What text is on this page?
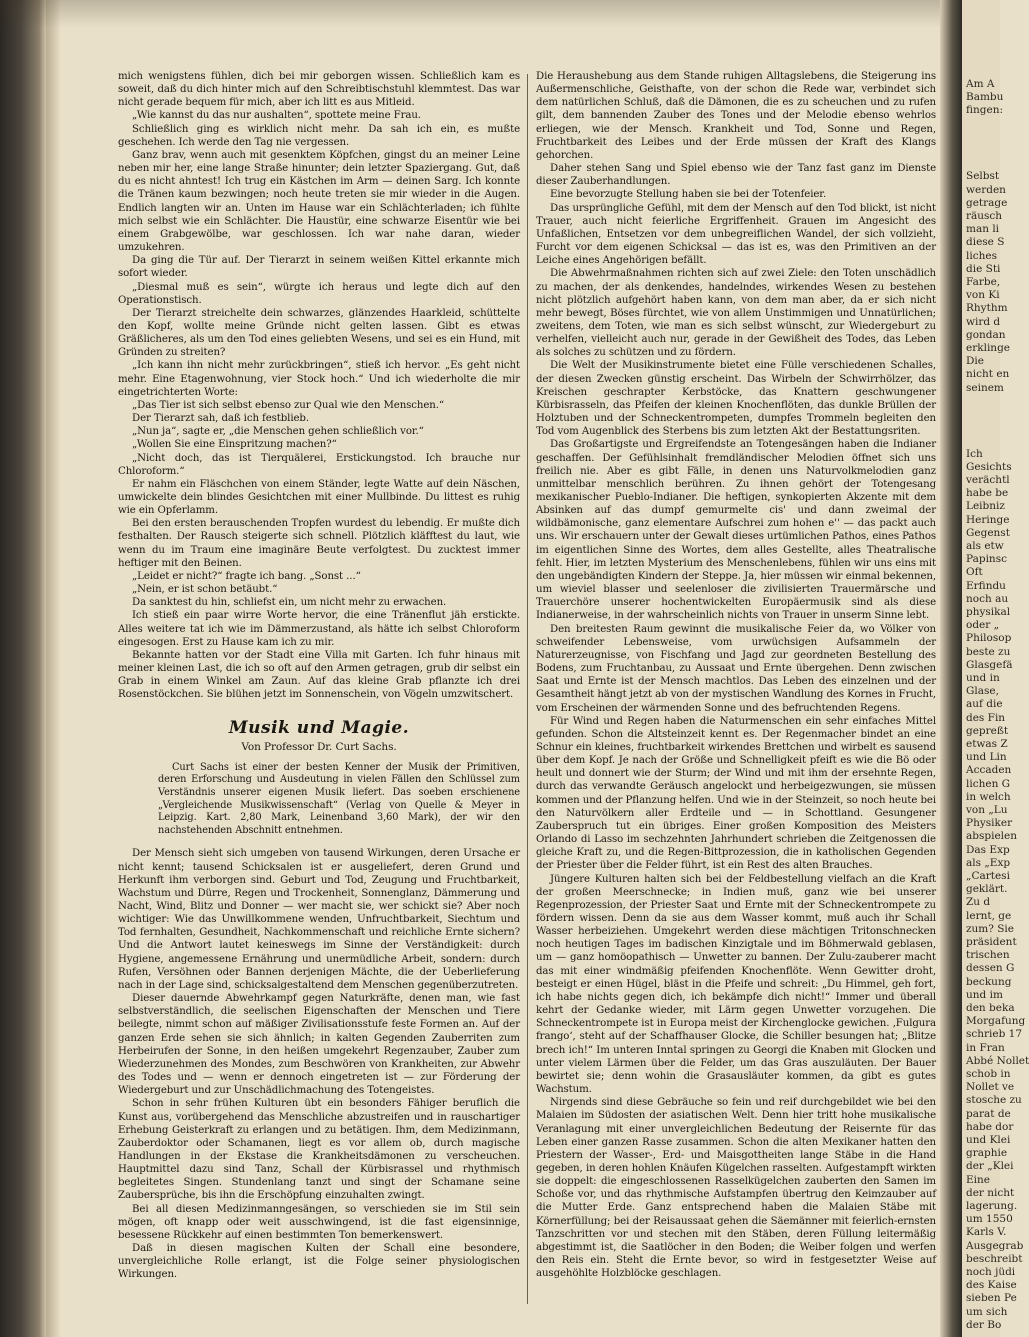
mich wenigstens fühlen, dich bei mir geborgen wissen. Schließlich kam es soweit, daß du dich hinter mich auf den Schreibtischstuhl klemmtest. Das war nicht gerade bequem für mich, aber ich litt es aus Mitleid.

„Wie kannst du das nur aushalten“, spottete meine Frau.

Schließlich ging es wirklich nicht mehr. Da sah ich ein, es mußte geschehen. Ich werde den Tag nie vergessen.

Ganz brav, wenn auch mit gesenktem Köpfchen, gingst du an meiner Leine neben mir her, eine lange Straße hinunter; dein letzter Spaziergang. Gut, daß du es nicht ahntest! Ich trug ein Kästchen im Arm — deinen Sarg. Ich konnte die Tränen kaum bezwingen; noch heute treten sie mir wieder in die Augen. Endlich langten wir an. Unten im Hause war ein Schlächterladen; ich fühlte mich selbst wie ein Schlächter. Die Haustür, eine schwarze Eisentür wie bei einem Grabgewölbe, war geschlossen. Ich war nahe daran, wieder umzukehren.

Da ging die Tür auf. Der Tierarzt in seinem weißen Kittel erkannte mich sofort wieder.

„Diesmal muß es sein“, würgte ich heraus und legte dich auf den Operationstisch.

Der Tierarzt streichelte dein schwarzes, glänzendes Haarkleid, schüttelte den Kopf, wollte meine Gründe nicht gelten lassen. Gibt es etwas Gräßlicheres, als um den Tod eines geliebten Wesens, und sei es ein Hund, mit Gründen zu streiten?

„Ich kann ihn nicht mehr zurückbringen“, stieß ich hervor. „Es geht nicht mehr. Eine Etagenwohnung, vier Stock hoch.“ Und ich wiederholte die mir eingetrichterten Worte:

„Das Tier ist sich selbst ebenso zur Qual wie den Menschen.“

Der Tierarzt sah, daß ich festblieb.

„Nun ja“, sagte er, „die Menschen gehen schließlich vor.“

„Wollen Sie eine Einspritzung machen?“

„Nicht doch, das ist Tierquälerei, Erstickungstod. Ich brauche nur Chloroform.“

Er nahm ein Fläschchen von einem Ständer, legte Watte auf dein Näschen, umwickelte dein blindes Gesichtchen mit einer Mullbinde. Du littest es ruhig wie ein Opferlamm.

Bei den ersten berauschenden Tropfen wurdest du lebendig. Er mußte dich festhalten. Der Rausch steigerte sich schnell. Plötzlich kläfftest du laut, wie wenn du im Traum eine imaginäre Beute verfolgtest. Du zucktest immer heftiger mit den Beinen.

„Leidet er nicht?“ fragte ich bang. „Sonst ...“

„Nein, er ist schon betäubt.“

Da sanktest du hin, schliefst ein, um nicht mehr zu erwachen.

Ich stieß ein paar wirre Worte hervor, die eine Tränenflut jäh erstickte. Alles weitere tat ich wie im Dämmerzustand, als hätte ich selbst Chloroform eingesogen. Erst zu Hause kam ich zu mir.

Bekannte hatten vor der Stadt eine Villa mit Garten. Ich fuhr hinaus mit meiner kleinen Last, die ich so oft auf den Armen getragen, grub dir selbst ein Grab in einem Winkel am Zaun. Auf das kleine Grab pflanzte ich drei Rosenstöckchen. Sie blühen jetzt im Sonnenschein, von Vögeln umzwitschert.

Musik und Magie.
Von Professor Dr. Curt Sachs.

Curt Sachs ist einer der besten Kenner der Musik der Primitiven, deren Erforschung und Ausdeutung in vielen Fällen den Schlüssel zum Verständnis unserer eigenen Musik liefert. Das soeben erschienene „Vergleichende Musikwissenschaft“ (Verlag von Quelle & Meyer in Leipzig. Kart. 2,80 Mark, Leinenband 3,60 Mark), der wir den nachstehenden Abschnitt entnehmen.

Der Mensch sieht sich umgeben von tausend Wirkungen, deren Ursache er nicht kennt; tausend Schicksalen ist er ausgeliefert, deren Grund und Herkunft ihm verborgen sind. Geburt und Tod, Zeugung und Fruchtbarkeit, Wachstum und Dürre, Regen und Trockenheit, Sonnenglanz, Dämmerung und Nacht, Wind, Blitz und Donner — wer macht sie, wer schickt sie? Aber noch wichtiger: Wie das Unwillkommene wenden, Unfruchtbarkeit, Siechtum und Tod fernhalten, Gesundheit, Nachkommenschaft und reichliche Ernte sichern? Und die Antwort lautet keineswegs im Sinne der Verständigkeit: durch Hygiene, angemessene Ernährung und unermüdliche Arbeit, sondern: durch Rufen, Versöhnen oder Bannen derjenigen Mächte, die der Ueberlieferung nach in der Lage sind, schicksalgestaltend dem Menschen gegenüberzutreten.

Dieser dauernde Abwehrkampf gegen Naturkräfte, denen man, wie fast selbstverständlich, die seelischen Eigenschaften der Menschen und Tiere beilegte, nimmt schon auf mäßiger Zivilisationsstufe feste Formen an. Auf der ganzen Erde sehen sie sich ähnlich; in kalten Gegenden Zauberriten zum Herbeirufen der Sonne, in den heißen umgekehrt Regenzauber, Zauber zum Wiederzunehmen des Mondes, zum Beschwören von Krankheiten, zur Abwehr des Todes und — wenn er dennoch eingetreten ist — zur Förderung der Wiedergeburt und zur Unschädlichmachung des Totengeistes.

Schon in sehr frühen Kulturen übt ein besonders Fähiger beruflich die Kunst aus, vorübergehend das Menschliche abzustreifen und in rauschartiger Erhebung Geisterkraft zu erlangen und zu betätigen. Ihm, dem Medizinmann, Zauberdoktor oder Schamanen, liegt es vor allem ob, durch magische Handlungen in der Ekstase die Krankheitsdämonen zu verscheuchen. Hauptmittel dazu sind Tanz, Schall der Kürbisrassel und rhythmisch begleitetes Singen. Stundenlang tanzt und singt der Schamane seine Zaubersprüche, bis ihn die Erschöpfung einzuhalten zwingt.

Bei all diesen Medizinmanngesängen, so verschieden sie im Stil sein mögen, oft knapp oder weit ausschwingend, ist die fast eigensinnige, besessene Rückkehr auf einen bestimmten Ton bemerkenswert.

Daß in diesen magischen Kulten der Schall eine besondere, unvergleichliche Rolle erlangt, ist die Folge seiner physiologischen Wirkungen.

Die Heraushebung aus dem Stande ruhigen Alltagslebens, die Steigerung ins Außermenschliche, Geisthafte, von der schon die Rede war, verbindet sich dem natürlichen Schluß, daß die Dämonen, die es zu scheuchen und zu rufen gilt, dem bannenden Zauber des Tones und der Melodie ebenso wehrlos erliegen, wie der Mensch. Krankheit und Tod, Sonne und Regen, Fruchtbarkeit des Leibes und der Erde müssen der Kraft des Klangs gehorchen.

Daher stehen Sang und Spiel ebenso wie der Tanz fast ganz im Dienste dieser Zauberhandlungen.

Eine bevorzugte Stellung haben sie bei der Totenfeier.

Das ursprüngliche Gefühl, mit dem der Mensch auf den Tod blickt, ist nicht Trauer, auch nicht feierliche Ergriffenheit. Grauen im Angesicht des Unfaßlichen, Entsetzen vor dem unbegreiflichen Wandel, der sich vollzieht, Furcht vor dem eigenen Schicksal — das ist es, was den Primitiven an der Leiche eines Angehörigen befällt.

Die Abwehrmaßnahmen richten sich auf zwei Ziele: den Toten unschädlich zu machen, der als denkendes, handelndes, wirkendes Wesen zu bestehen nicht plötzlich aufgehört haben kann, von dem man aber, da er sich nicht mehr bewegt, Böses fürchtet, wie von allem Unstimmigen und Unnatürlichen; zweitens, dem Toten, wie man es sich selbst wünscht, zur Wiedergeburt zu verhelfen, vielleicht auch nur, gerade in der Gewißheit des Todes, das Leben als solches zu schützen und zu fördern.

Die Welt der Musikinstrumente bietet eine Fülle verschiedenen Schalles, der diesen Zwecken günstig erscheint. Das Wirbeln der Schwirrhölzer, das Kreischen geschrapter Kerbstöcke, das Knattern geschwungener Kürbisrasseln, das Pfeifen der kleinen Knochenflöten, das dunkle Brüllen der Holztuben und der Schneckentrompeten, dumpfes Trommeln begleiten den Tod vom Augenblick des Sterbens bis zum letzten Akt der Bestattungsriten.

Das Großartigste und Ergreifendste an Totengesängen haben die Indianer geschaffen. Der Gefühlsinhalt fremdländischer Melodien öffnet sich uns freilich nie. Aber es gibt Fälle, in denen uns Naturvolkmelodien ganz unmittelbar menschlich berühren. Zu ihnen gehört der Totengesang mexikanischer Pueblo-Indianer. Die heftigen, synkopierten Akzente mit dem Absinken auf das dumpf gemurmelte cis' und dann zweimal der wildbämonische, ganz elementare Aufschrei zum hohen e'' — das packt auch uns. Wir erschauern unter der Gewalt dieses urtümlichen Pathos, eines Pathos im eigentlichen Sinne des Wortes, dem alles Gestellte, alles Theatralische fehlt. Hier, im letzten Mysterium des Menschenlebens, fühlen wir uns eins mit den ungebändigten Kindern der Steppe. Ja, hier müssen wir einmal bekennen, um wieviel blasser und seelenloser die zivilisierten Trauermärsche und Trauerchöre unserer hochentwickelten Europäermusik sind als diese Indianerweise, in der wahrscheinlich nichts von Trauer in unserm Sinne lebt.

Den breitesten Raum gewinnt die musikalische Feier da, wo Völker von schweifender Lebensweise, vom urwüchsigen Aufsammeln der Naturerzeugnisse, von Fischfang und Jagd zur geordneten Bestellung des Bodens, zum Fruchtanbau, zu Aussaat und Ernte übergehen. Denn zwischen Saat und Ernte ist der Mensch machtlos. Das Leben des einzelnen und der Gesamtheit hängt jetzt ab von der mystischen Wandlung des Kornes in Frucht, vom Erscheinen der wärmenden Sonne und des befruchtenden Regens.

Für Wind und Regen haben die Naturmenschen ein sehr einfaches Mittel gefunden. Schon die Altsteinzeit kennt es. Der Regenmacher bindet an eine Schnur ein kleines, fruchtbarkeit wirkendes Brettchen und wirbelt es sausend über dem Kopf. Je nach der Größe und Schnelligkeit pfeift es wie die Bö oder heult und donnert wie der Sturm; der Wind und mit ihm der ersehnte Regen, durch das verwandte Geräusch angelockt und herbeigezwungen, sie müssen kommen und der Pflanzung helfen. Und wie in der Steinzeit, so noch heute bei den Naturvölkern aller Erdteile und — in Schottland. Gesungener Zauberspruch tut ein übriges. Einer großen Komposition des Meisters Orlando di Lasso im sechzehnten Jahrhundert schrieben die Zeitgenossen die gleiche Kraft zu, und die Regen-Bittprozession, die in katholischen Gegenden der Priester über die Felder führt, ist ein Rest des alten Brauches.

Jüngere Kulturen halten sich bei der Feldbestellung vielfach an die Kraft der großen Meerschnecke; in Indien muß, ganz wie bei unserer Regenprozession, der Priester Saat und Ernte mit der Schneckentrompete zu fördern wissen. Denn da sie aus dem Wasser kommt, muß auch ihr Schall Wasser herbeiziehen. Umgekehrt werden diese mächtigen Tritonschnecken noch heutigen Tages im badischen Kinzigtale und im Böhmerwald geblasen, um — ganz homöopathisch — Unwetter zu bannen. Der Zulu-zauberer macht das mit einer windmäßig pfeifenden Knochenflöte. Wenn Gewitter droht, besteigt er einen Hügel, bläst in die Pfeife und schreit: „Du Himmel, geh fort, ich habe nichts gegen dich, ich bekämpfe dich nicht!“ Immer und überall kehrt der Gedanke wieder, mit Lärm gegen Unwetter vorzugehen. Die Schneckentrompete ist in Europa meist der Kirchenglocke gewichen. ‚Fulgura frango‘, steht auf der Schaffhauser Glocke, die Schiller besungen hat; „Blitze brech ich!“ Im unteren Inntal springen zu Georgi die Knaben mit Glocken und unter vielem Lärmen über die Felder, um das Gras auszuläuten. Der Bauer bewirtet sie; denn wohin die Grasausläuter kommen, da gibt es gutes Wachstum.

Nirgends sind diese Gebräuche so fein und reif durchgebildet wie bei den Malaien im Südosten der asiatischen Welt. Denn hier tritt hohe musikalische Veranlagung mit einer unvergleichlichen Bedeutung der Reisernte für das Leben einer ganzen Rasse zusammen. Schon die alten Mexikaner hatten den Priestern der Wasser-, Erd- und Maisgottheiten lange Stäbe in die Hand gegeben, in deren hohlen Knäufen Kügelchen rasselten. Aufgestampft wirkten sie doppelt: die eingeschlossenen Rasselkügelchen zauberten den Samen im Schoße vor, und das rhythmische Aufstampfen übertrug den Keimzauber auf die Mutter Erde. Ganz entsprechend haben die Malaien Stäbe mit Körnerfüllung; bei der Reisaussaat gehen die Säemänner mit feierlich-ernsten Tanzschritten vor und stechen mit den Stäben, deren Füllung leitermäßig abgestimmt ist, die Saatlöcher in den Boden; die Weiber folgen und werfen den Reis ein. Steht die Ernte bevor, so wird in festgesetzter Weise auf ausgehöhlte Holzblöcke geschlagen.

Am A
Bambu
fingen:
Selbst
werden
getrage
räusch
man li
diese S
liches
die Sti
Farbe,
von Ki
Rhythm
wird d
gondan
erklinge
Die
nicht en
seinem
Ich
Gesichts
verächtl
habe be
Leibniz
Heringe
Gegenst
als etw
Papinsc
Oft
Erfindu
noch au
physikal
oder „
Philosop
beste zu
Glasgefä
und in
Glase,
auf die
des Fin
gepreßt
etwas Z
und Lin
Accaden
lichen G
in welch
von „Lu
Physiker
abspielen
Das Exp
als „Exp
„Cartesi
geklärt.
Zu d
lernt, ge
zum? Sie
präsident
trischen
dessen G
beckung
und im
den beka
Morgafung
schrieb 17
in Fran
Abbé Nollet
schob in
Nollet ve
stosche zu
parat de
habe dor
und Klei
graphie
der „Klei
Eine
der nicht
lagerung.
um 1550
Karls V.
Ausgegrab
beschreibt
noch jüdi
des Kaise
sieben Pe
um sich
der Bo
